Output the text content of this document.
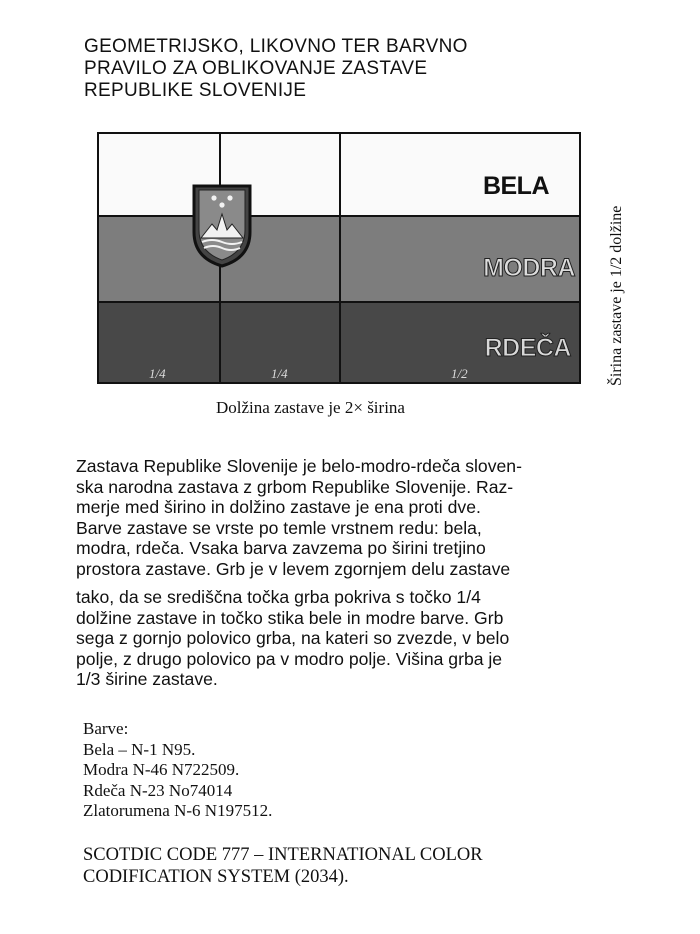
GEOMETRIJSKO, LIKOVNO TER BARVNO
PRAVILO ZA OBLIKOVANJE ZASTAVE
REPUBLIKE SLOVENIJE
BELA
MODRA
RDEČA
1/4	1/4	1/2	Širina zastave je 1/2 dolžine
Dolžina zastave je 2× širina
Zastava Republike Slovenije je belo-modro-rdeča sloven-
ska narodna zastava z grbom Republike Slovenije. Raz-
merje med širino in dolžino zastave je ena proti dve.
Barve zastave se vrste po temle vrstnem redu: bela,
modra, rdeča. Vsaka barva zavzema po širini tretjino
prostora zastave. Grb je v levem zgornjem delu zastave
tako, da se središčna točka grba pokriva s točko 1/4
dolžine zastave in točko stika bele in modre barve. Grb
sega z gornjo polovico grba, na kateri so zvezde, v belo
polje, z drugo polovico pa v modro polje. Višina grba je
1/3 širine zastave.
Barve:
Bela – N-1 N95.
Modra N-46 N722509.
Rdeča N-23 No74014
Zlatorumena N-6 N197512.
SCOTDIC CODE 777 – INTERNATIONAL COLOR
CODIFICATION SYSTEM (2034).
